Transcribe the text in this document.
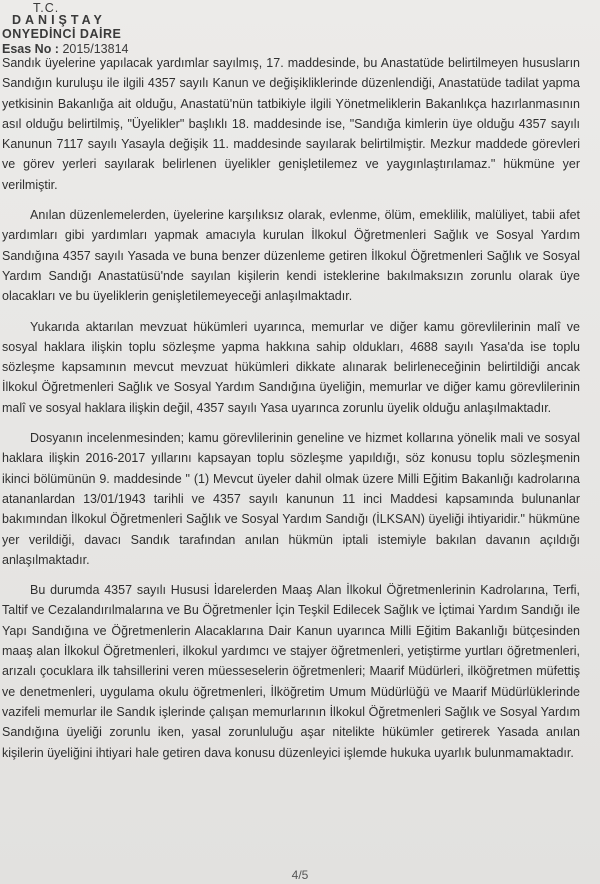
T.C.
DANIŞTAY
ONYEDİNCİ DAİRE
Esas No : 2015/13814

Sandık üyelerine yapılacak yardımlar sayılmış, 17. maddesinde, bu Anastatüde belirtilmeyen hususların Sandığın kuruluşu ile ilgili 4357 sayılı Kanun ve değişikliklerinde düzenlendiği, Anastatüde tadilat yapma yetkisinin Bakanlığa ait olduğu, Anastatü'nün tatbikiyle ilgili Yönetmeliklerin Bakanlıkça hazırlanmasının asıl olduğu belirtilmiş, "Üyelikler" başlıklı 18. maddesinde ise, "Sandığa kimlerin üye olduğu 4357 sayılı Kanunun 7117 sayılı Yasayla değişik 11. maddesinde sayılarak belirtilmiştir. Mezkur maddede görevleri ve görev yerleri sayılarak belirlenen üyelikler genişletilemez ve yaygınlaştırılamaz." hükmüne yer verilmiştir.

Anılan düzenlemelerden, üyelerine karşılıksız olarak, evlenme, ölüm, emeklilik, malüliyet, tabii afet yardımları gibi yardımları yapmak amacıyla kurulan İlkokul Öğretmenleri Sağlık ve Sosyal Yardım Sandığına 4357 sayılı Yasada ve buna benzer düzenleme getiren İlkokul Öğretmenleri Sağlık ve Sosyal Yardım Sandığı Anastatüsü'nde sayılan kişilerin kendi isteklerine bakılmaksızın zorunlu olarak üye olacakları ve bu üyeliklerin genişletilemeyeceği anlaşılmaktadır.

Yukarıda aktarılan mevzuat hükümleri uyarınca, memurlar ve diğer kamu görevlilerinin malî ve sosyal haklara ilişkin toplu sözleşme yapma hakkına sahip oldukları, 4688 sayılı Yasa'da ise toplu sözleşme kapsamının mevcut mevzuat hükümleri dikkate alınarak belirleneceğinin belirtildiği ancak İlkokul Öğretmenleri Sağlık ve Sosyal Yardım Sandığına üyeliğin, memurlar ve diğer kamu görevlilerinin malî ve sosyal haklara ilişkin değil, 4357 sayılı Yasa uyarınca zorunlu üyelik olduğu anlaşılmaktadır.

Dosyanın incelenmesinden; kamu görevlilerinin geneline ve hizmet kollarına yönelik mali ve sosyal haklara ilişkin 2016-2017 yıllarını kapsayan toplu sözleşme yapıldığı, söz konusu toplu sözleşmenin ikinci bölümünün 9. maddesinde " (1) Mevcut üyeler dahil olmak üzere Milli Eğitim Bakanlığı kadrolarına atananlardan 13/01/1943 tarihli ve 4357 sayılı kanunun 11 inci Maddesi kapsamında bulunanlar bakımından İlkokul Öğretmenleri Sağlık ve Sosyal Yardım Sandığı (İLKSAN) üyeliği ihtiyaridir." hükmüne yer verildiği, davacı Sandık tarafından anılan hükmün iptali istemiyle bakılan davanın açıldığı anlaşılmaktadır.

Bu durumda 4357 sayılı Hususi İdarelerden Maaş Alan İlkokul Öğretmenlerinin Kadrolarına, Terfi, Taltif ve Cezalandırılmalarına ve Bu Öğretmenler İçin Teşkil Edilecek Sağlık ve İçtimai Yardım Sandığı ile Yapı Sandığına ve Öğretmenlerin Alacaklarına Dair Kanun uyarınca Milli Eğitim Bakanlığı bütçesinden maaş alan İlkokul Öğretmenleri, ilkokul yardımcı ve stajyer öğretmenleri, yetiştirme yurtları öğretmenleri, arızalı çocuklara ilk tahsillerini veren müesseselerin öğretmenleri; Maarif Müdürleri, ilköğretmen müfettiş ve denetmenleri, uygulama okulu öğretmenleri, İlköğretim Umum Müdürlüğü ve Maarif Müdürlüklerinde vazifeli memurlar ile Sandık işlerinde çalışan memurlarının İlkokul Öğretmenleri Sağlık ve Sosyal Yardım Sandığına üyeliği zorunlu iken, yasal zorunluluğu aşar nitelikte hükümler getirerek Yasada anılan kişilerin üyeliğini ihtiyari hale getiren dava konusu düzenleyici işlemde hukuka uyarlık bulunmamaktadır.

4/5
